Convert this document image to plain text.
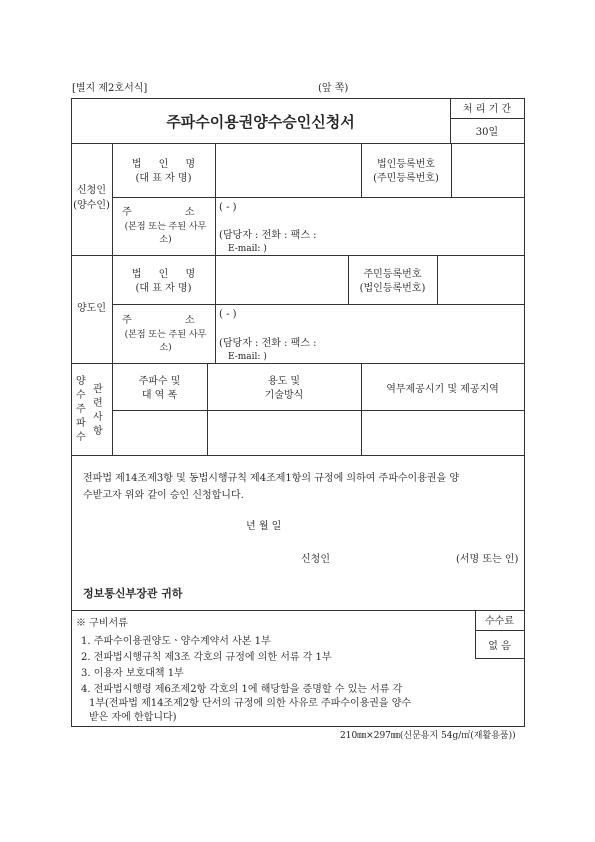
[별지 제2호서식]	(앞 쪽)
주파수이용권양수승인신청서
처 리 기 간
30일
신청인
(양수인)
법 인 명
(대 표 자 명)
법인등록번호
(주민등록번호)
주 소
(본점 또는 주된 사무
소)
( - )
(담당자 : 전화 : 팩스 :
E-mail: )
양도인
법 인 명
(대 표 자 명)
주민등록번호
(법인등록번호)
주 소
(본점 또는 주된 사무
소)
( - )
(담당자 : 전화 : 팩스 :
E-mail: )
양수주파수
관련사항
주파수 및
대 역 폭
용도 및
기술방식
역무제공시기 및 제공지역
전파법 제14조제3항 및 동법시행규칙 제4조제1항의 규정에 의하여 주파수이용권을 양
수받고자 위와 같이 승인 신청합니다.
년 월 일
신청인	(서명 또는 인)
정보통신부장관 귀하
※ 구비서류
1. 주파수이용권양도ㆍ양수계약서 사본 1부
2. 전파법시행규칙 제3조 각호의 규정에 의한 서류 각 1부
3. 이용자 보호대책 1부
4. 전파법시행령 제6조제2항 각호의 1에 해당함을 증명할 수 있는 서류 각
1부(전파법 제14조제2항 단서의 규정에 의한 사유로 주파수이용권을 양수
받은 자에 한합니다)
수수료
없 음
210㎜×297㎜(신문용지 54g/㎡(재활용품))
